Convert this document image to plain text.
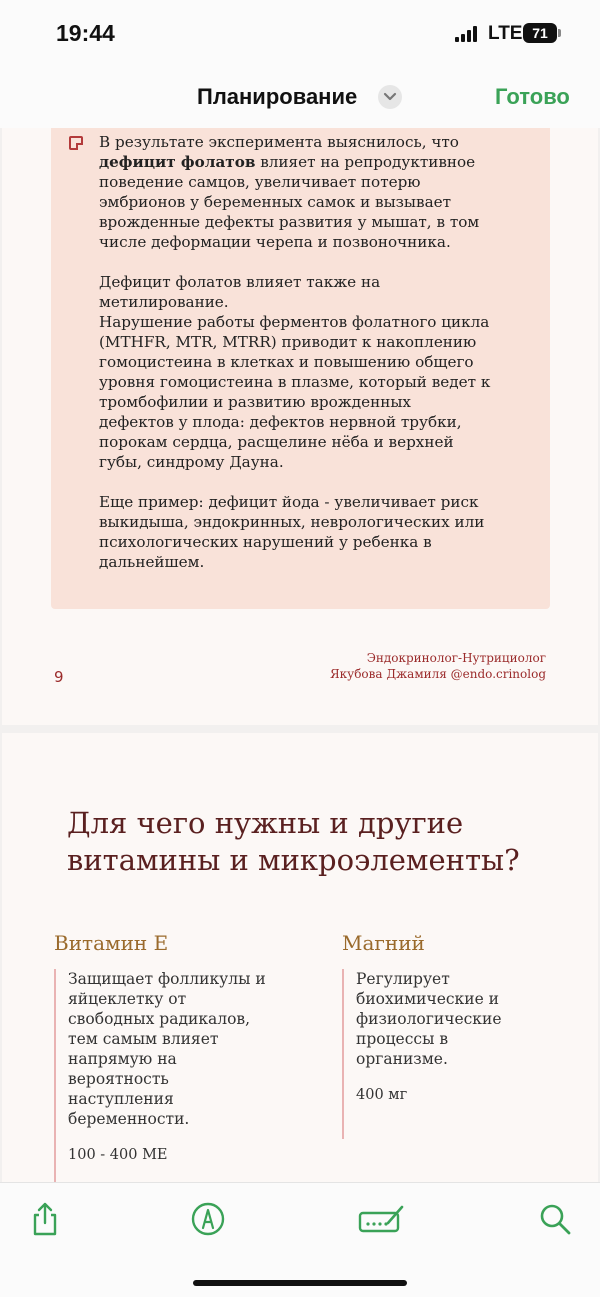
19:44	LTE 71
Планирование	Готово

В результате эксперимента выяснилось, что

дефицит фолатов влияет на репродуктивное

поведение самцов, увеличивает потерю

эмбрионов у беременных самок и вызывает

врожденные дефекты развития у мышат, в том

числе деформации черепа и позвоночника.

Дефицит фолатов влияет также на

метилирование.

Нарушение работы ферментов фолатного цикла

(MTHFR, MTR, MTRR) приводит к накоплению

гомоцистеина в клетках и повышению общего

уровня гомоцистеина в плазме, который ведет к

тромбофилии и развитию врожденных

дефектов у плода: дефектов нервной трубки,

порокам сердца, расщелине нёба и верхней

губы, синдрому Дауна.

Еще пример: дефицит йода - увеличивает риск

выкидыша, эндокринных, неврологических или

психологических нарушений у ребенка в

дальнейшем.

9
Эндокринолог-Нутрициолог
Якубова Джамиля @endo.crinolog
Для чего нужны и другие
витамины и микроэлементы?
Витамин Е
Защищает фолликулы и
яйцеклетку от
свободных радикалов,
тем самым влияет
напрямую на
вероятность
наступления
беременности.
100 - 400 МЕ
Магний
Регулирует
биохимические и
физиологические
процессы в
организме.
400 мг
